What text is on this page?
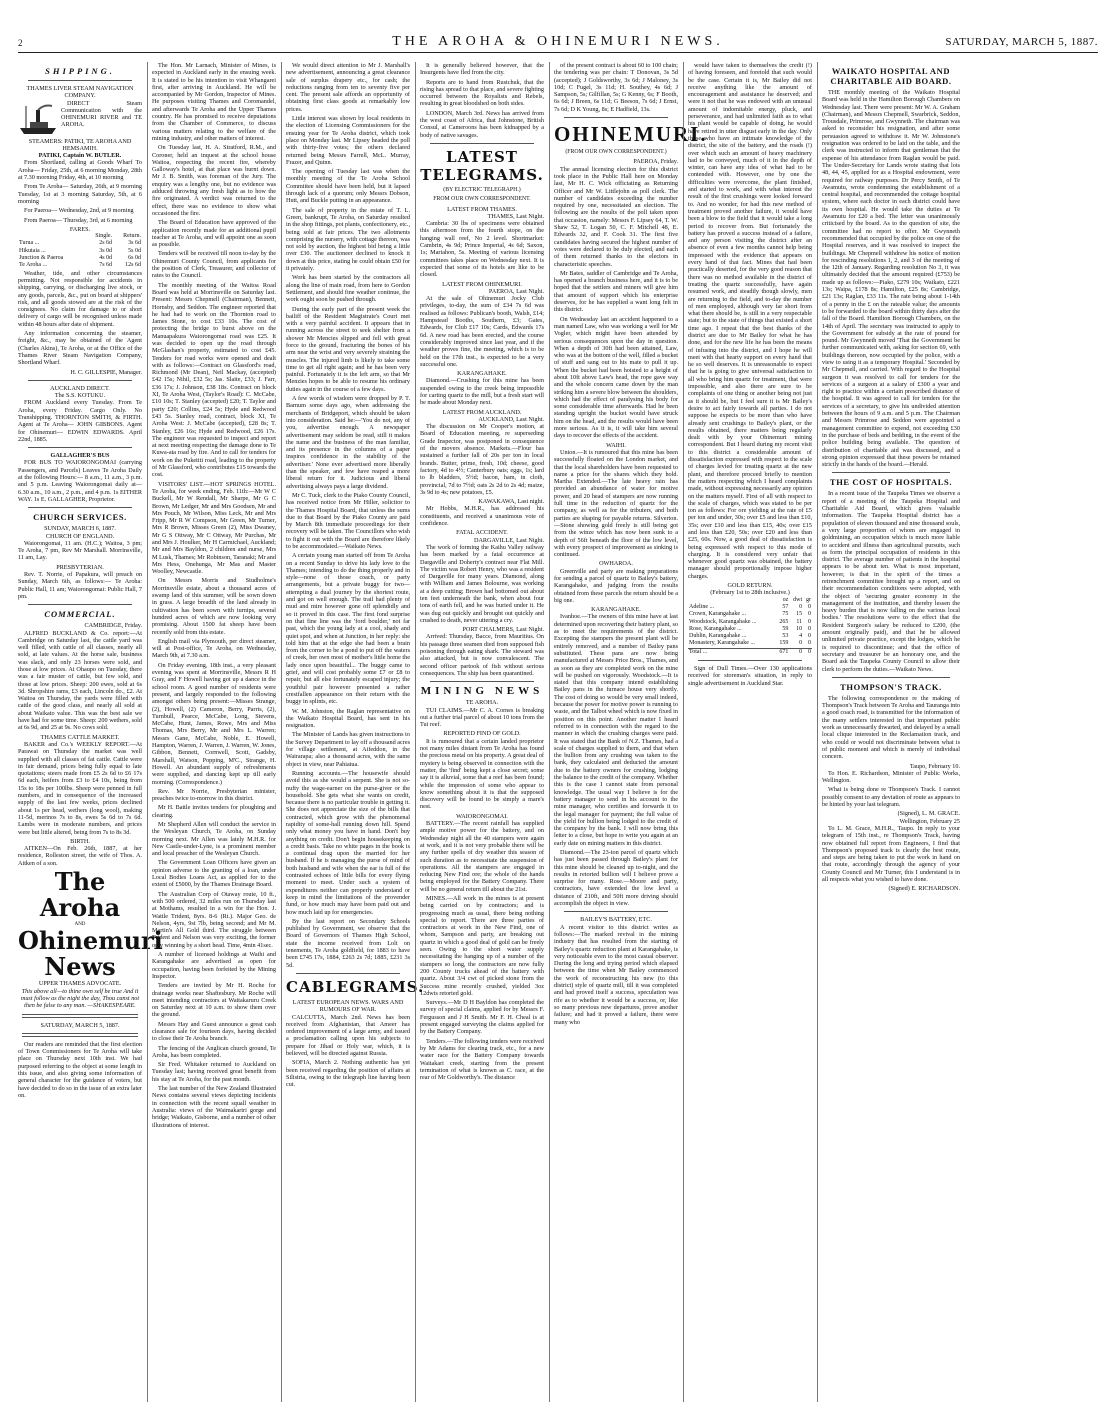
2	THE AROHA & OHINEMURI NEWS.	SATURDAY, MARCH 5, 1887.
SHIPPING.
THAMES LIVER STEAM NAVIGATION COMPANY.

DIRECT Steam Communication with the OHINEMURI RIVER and TE AROHA.

STEAMERS: PATIKI, TE AROHA AND HEMSAMIH.
PATIKI, Captain W. BUTLER.

From Shortland, calling at Goods Wharf To Aroha— Friday, 25th, at 6 morning Monday, 28th at 7.30 morning Friday, 4th, at 10 morning

From Te Aroha— Saturday, 26th, at 9 morning Tuesday, 1st at 3 morning Saturday, 5th, at 6 morning

For Paeroa— Wednesday, 2nd, at 9 morning

From Paeroa— Thursday, 3rd, at 6 morning

FARES.
	Single.	Return.
Turua ...	2s 6d	3s 6d
Hikutaia ...	3s 0d	5s 0d
Junction & Paeroa	4s 0d	6s 0d
Te Aroha ...	7s 6d	12s 6d

Weather, tide, and other circumstances permitting. Not responsible for accidents in shipping, carrying, or discharging live stock, or any goods, parcels, &c., put on board at shippers' risk, and all goods stowed are at the risk of the consignees. No claim for damage to or short delivery of cargo will be recognised unless made within 48 hours after date of shipment.

Any information concerning the steamer, freight, &c., may be obtained of the Agent (Charles Akins), Te Aroha, or at the Office of the Thames River Steam Navigation Company, Shortland Wharf.

H. C. GILLESPIE, Manager.
AUCKLAND DIRECT.
The S.S. KOTUKU.

FROM Auckland every Tuesday. From Te Aroha, every Friday. Cargo Only. No Transhipping. THORNTON SMITH, & FIRTH. Agent at Te Aroha— JOHN GIBBONS. Agent for Ohinemuri— EDWIN EDWARDS. April 22nd, 1885.

GALLAGHER'S BUS

FOR BUS TO WAIORONGOMAI (carrying Passengers, and Parcels) Leaves Te Aroha Daily at the following Hours:— 8 a.m., 11 a.m., 3 p.m. and 5 p.m. Leaving Waiorongomai daily at— 6.30 a.m., 10 a.m., 2 p.m., and 4 p.m. 1s EITHER WAY. 1s E. GALLAGHER, Proprietor.

CHURCH SERVICES.
SUNDAY, MARCH 6, 1887.
CHURCH OF ENGLAND.

Waiorongomai, 11 am. (H.C.); Waitoa, 3 pm; Te Aroha, 7 pm, Rev Mr Marshall. Morrinsville, 11 am, Lay.

PRESBYTERIAN.

Rev. T. Norrie, of Papakura, will preach on Sunday, March 6th, as follows:— Te Aroha: Public Hall, 11 am; Waiorongomai: Public Hall, 7 pm.

COMMERCIAL.
CAMBRIDGE, Friday.

ALFRED BUCKLAND & Co. report:—At Cambridge on Saturday last, the cattle yard was well filled, with cattle of all classes, nearly all sold, at late values. At the horse sale, business was slack, and only 23 horses were sold, and those at low prices. At Ohaupo on Tuesday, there was a fair muster of cattle, but few sold, and those at low prices. Sheep: 200 ewes, sold at 6s 3d. Shropshire rams, £3 each, Lincoln do., £2. At Waitoa on Thursday, the yards were filled with cattle of the good class, and nearly all sold at about Waikato value. This was the best sale we have had for some time. Sheep: 200 wethers, sold at 6s 9d, and 25 at 9s. No cows sold.

THAMES CATTLE MARKET.

BAKER and Co.'s WEEKLY REPORT.—At Parawai on Thursday the market was well supplied with all classes of fat cattle. Cattle were in fair demand, prices being fully equal to late quotations; steers made from £5 2s 6d to £6 17s 6d each, heifers from £3 to £4 10s, being from 15s to 18s per 100lbs. Sheep were penned in full numbers, and in consequence of the increased supply of the last few weeks, prices declined about 1s per head, wethers (long wool), making 11-5d, merinos 7s to 8s, ewes 5s 6d to 7s 6d. Lambs were in moderate numbers, and prices were but little altered, being from 7s to 8s 3d.

BIRTH.

AITKEN—On Feb. 26th, 1887, at her residence, Rolleston street, the wife of Thos. A. Aitken of a son.

The Aroha
AND
Ohinemuri News
UPPER THAMES ADVOCATE.
This above all—to thine own self be true And it must follow as the night the day, Thou canst not then be false to any man. —SHAKESPEARE.
SATURDAY, MARCH 5, 1887.

Our readers are reminded that the first election of Town Commissioners for Te Aroha will take place on Thursday next 10th inst. We had purposed referring to the object at some length in this issue, and also giving some information of general character for the guidance of voters, but have decided to do so in the issue of an extra later on.

The Hon. Mr Larnach, Minister of Mines, is expected in Auckland early in the ensuing week. It is stated to be his intention to visit Whangarei first, after arriving in Auckland. He will be accompanied by Mr Gordon, Inspector of Mines. He purposes visiting Thames and Coromandel, and afterwards Te Aroha and the Upper Thames country. He has promised to receive deputations from the Chamber of Commerce, to discuss various matters relating to the welfare of the mining industry, and other matters of interest.

On Tuesday last, H. A. Stratford, R.M., and Coroner, held an inquest at the school house Waitoa, respecting the recent fire, whereby Galloway's hotel, at that place was burnt down. Mr J. B. Smith, was foreman of the Jury. The enquiry was a lengthy one, but no evidence was adduced throwing any fresh light as to how the fire originated. A verdict was returned to the effect, there was no evidence to show what occasioned the fire.

The Board of Education have approved of the application recently made for an additional pupil teacher at Te Aroha, and will appoint one as soon as possible.

Tenders will be received till noon to-day by the Ohinemuri County Council, from applicants for the position of Clerk, Treasurer, and collector of rates to the Council.

The monthly meeting of the Waitoa Road Board was held at Morrinsville on Saturday last. Present: Messrs Chepmell (Chairman), Bennett, Hornsby, and Seddon. The engineer reported that he had had to work on the Thornton road to James Stone, to cost £33 10s. The cost of protecting the bridge to burst above on the Manuapakura Waiorongomai road was £25. It was decided to open up the road through McGlashan's property, estimated to cost £45. Tenders for road works were opened and dealt with as follows:—Contract on Glassford's road, Richmond (Mr Dean), Neil Mackay, (accepted) £42 15s; Nihil, £32 5s; Jas. Slaite, £33; J. Farr, £36 17s; J. Johnson, £38 18s. Contract on block XI, Te Aroha West, (Taylor's Road): C. McCabe, £10 10s; T. Stanley (accepted) £20; T. Taylor and party £20; Collins, £24 5s; Hyde and Redwood £43 5s. Stanley road, contract, block XI, Te Aroha West: J. McCabe (accepted), £28 8s; T. Stanley, £26 16s; Hyde and Redwood, £26 17s. The engineer was requested to inspect and report at next meeting respecting the damage done to Te Kuwa-ata road by fire. And to call for tenders for work on the Puketiti road, leading to the property of Mr Glassford, who contributes £15 towards the cost.

VISITORS' LIST.—HOT SPRINGS HOTEL. Te Aroha, for week ending, Feb. 11th:—Mr W C Buckell, Mr W Rendall, Mr Sharpe, Mr G C Brown, Mr Ledger, Mr and Mrs Goodsen, Mr and Mrs Pouch, Mr Wilson, Miss Leck, Mr and Mrs Fripp, Mr R W Compson, Mr Green, Mr Turner, Mrs R Brown, Misses Green (2), Miss Dwaney, Mr G S Ottway, Mr C Ottway, Mr Purchas, Mr and Mrs J. Houlker, Mr H Carmichael, Auckland; Mr and Mrs Bayldon, 2 children and nurse, Mrs M Lusk, Thames; Mr Robinson, Taranaki; Mr and Mrs Hess, Onehunga, Mr Mas and Master Woolley, Newcastle.

On Messrs Morris and Studholme's Morrinsville estate, about a thousand acres of swamp land of this summer, will be sown down in grass. A large breadth of the land already in cultivation has been sown with turnips, several hundred acres of which are now looking very promising. About 1500 fat sheep have been recently sold from this estate.

English mail via Plymouth, per direct steamer, will at Post-office, Te Aroha, on Wednesday, March 9th, at 7.30 a.m.

On Friday evening, 18th inst., a very pleasant evening was spent at Morrinsville, Messrs R H Gray, and F Howell having got up a dance in the school room. A good number of residents were present, and largely responded to the following amongst others being present:—Misses Strange, (2), Howell, (2) Cameron, Berry, Parris, (2), Turnbull, Pearce, McCabe, Long, Stevens, McCabe, Hunt, James, Rowe, Mrs and Miss Thomas, Mrs Berry, Mr and Mrs L. Warren; Messrs Gane, McCabe, Noble, E. Howell, Hampton, Warren, J. Warren, J. Warren, W. Jones, Gibbon, Bennett, Cornwell, Scott, Gadsby, Marshall, Watson, Popping, M'C., Strange, H. Howell. An abundant supply of refreshments were supplied, and dancing kept up till early morning. (Correspondence.)

Rev. Mr Norrie, Presbyterian minister, preaches twice to-morrow in this district.

Mr H. Battle invites tenders for ploughing and clearing.

Mr Shepherd Allen will conduct the service in the Wesleyan Church, Te Aroha, on Sunday morning next. Mr Allen was lately M.H.R. for New Castle-under-Lyne, is a prominent member and local preacher of the Wesleyan Church.

The Government Loan Officers have given an opinion adverse to the granting of a loan, under Local Bodies Loans Act, as applied for to the extent of £5000, by the Thames Drainage Board.

The Australian Corp of Otaway route, 10 ft., with 500 ordered, 32 miles run on Thursday last at Mothams, resulted in a win for the Hon. J. Wattle Trident, 8yrs. 8-6 (Rt.). Major Geo. de Nelson, 4yrs, 9st 7lb, being second; and Mr M. Martin's All Gold third. The struggle between Trident and Nelson was very exciting, the former only winning by a short head. Time, 4min 41sec.

A number of licensed holdings at Waihi and Karangahake are advertised as open for occupation, having been forfeited by the Mining Inspector.

Tenders are invited by Mr H. Roche for drainage works near Shaftesbury. Mr Roche will meet intending contractors at Waitakaruru Creek on Saturday next at 10 a.m. to show them over the ground.

Messrs Hay and Guest announce a great cash clearance sale for fourteen days, having decided to close their Te Aroha branch.

The fencing of the Anglican church ground, Te Aroha, has been completed.

Sir Fred. Whitaker returned to Auckland on Tuesday last; having received great benefit from his stay at Te Aroha, for the past month.

The last number of the New Zealand Illustrated News contains several views depicting incidents in connection with the recent squall weather in Australia: views of the Waimakariri gorge and bridge; Waikato, Gisborne, and a number of other illustrations of interest.

We would direct attention to Mr J. Marshall's new advertisement, announcing a great clearance sale of surplus drapery etc., for cash; the reductions ranging from ten to seventy five per cent. The present sale affords an opportunity of obtaining first class goods at remarkably low prices.

Little interest was shown by local residents in the election of Licensing Commissioners for the ensuing year for Te Aroha district, which took place on Monday last. Mr Lipsey headed the poll with thirty-five votes; the others declared returned being Messrs Farrell, McL. Murray, Frazer, and Quinn.

The opening of Tuesday last was when the monthly meeting of the Te Aroha School Committee should have been held, but it lapsed through lack of a quorum; only Messrs Dobson, Hutt, and Buckle putting in an appearance.

The sale of property in the estate of T. L. Green, bankrupt, Te Aroha, on Saturday resulted in the shop fittings, pot plants, confectionery, etc., being sold at fair prices. The two allotments comprising the nursery, with cottage thereon, was not sold by auction, the highest bid being a little over £30. The auctioneer declined to knock it down at this price, stating he could obtain £50 for it privately.

Work has been started by the contractors all along the line of main road, from here to Gordon Settlement, and should fine weather continue, the work ought soon be pushed through.

During the early part of the present week the bailiff of the Resident Magistrate's Court met with a very painful accident. It appears that in running across the street to seek shelter from a shower Mr Mencies slipped and fell with great force to the ground, fracturing the bones of his arm near the wrist and very severely straining the muscles. The injured limb is likely to take some time to get all right again; and he has been very painful. Fortunately it is the left arm, so that Mr Menzies hopes to be able to resume his ordinary duties again in the course of a few days.

A few words of wisdom were dropped by P. T. Barnum some days ago, when addressing the merchants of Bridgeport, which should be taken into consideration. Said he:—'You do not, any of you, advertise enough. A newspaper advertisement may seldom be read, still it makes the name and the business of the man familiar, and its presence in the columns of a paper inspires confidence in the stability of the advertiser.' None ever advertised more liberally than the speaker, and few have reaped a more liberal return for it. Judicious and liberal advertising always pays a large dividend.

Mr C. Tuck, clerk to the Piako County Council, has received notice from Mr Hiller, solicitor to the Thames Hospital Board, that unless the sums due to that Board by the Piako County are paid by March 8th immediate proceedings for their recovery will be taken. The Councillors who wish to fight it out with the Board are therefore likely to be accommodated.—Waikato News.

A certain young man started off from Te Aroha on a recent Sunday to drive his lady love to the Thames; intending to do the thing properly and in style—none of those coach, or party arrangements, but a private buggy for two—attempting a dual journey by the shortest route, and got on well enough. The trail had plenty of mud and mire however gone off splendidly and so it proved in this case. The first fond surprise on that fine line was the 'ford boulder,' not far past, which the young lady at a cool, shady and quiet spot, and when at Junction, in her reply: she told him that at the edge she had been a brain from the corner to be a pond to put off the waters of creek, her own most of mother's little home the lady once upon beautiful... The buggy came to grief, and will cost probably some £7 or £8 to repair, but all else fortunately escaped injury; the youthful pair however presented a rather crestfallen appearance on their return with the buggy in splints, etc.

W. M. Johnston, the Raglan representative on the Waikato Hospital Board, has sent in his resignation.

The Minister of Lands has given instructions to the Survey Department to lay off a thousand acres for village settlement, at Aifeddon, in the Wairarapa; also a thousand acres, with the same object in view, near Pahiatua.

Running accounts.—The housewife should avoid this as she would a serpent. She is not so-nufty the wage-earner on the purse-giver or the household. She gets what she wants on credit, because there is no particular trouble in getting it. She does not appreciate the size of the bills that contracted, which grow with the phenomenal rapidity of some-hall running down hill. Spend only what money you have in hand. Don't buy anything on credit. Don't begin housekeeping on a credit basis. Take no white pages in the book is a continual drag upon the married for her husband. If he is managing the purse of mind of both husband and wife when the ear is full of the contrasted echoes of little bills for every flying moment to meet. Under such a system of expenditures neither can properly understand or keep in mind the limitations of the provender fund, or how much may have been paid out and how much laid up for emergencies.

By the last report on Secondary Schools published by Government, we observe that the Board of Governors of Thames High School, state the income received from Lolt on tenements, Te Aroha goldfield, for 1883 to have been £745 17s, 1884, £263 2s 7d; 1885, £231 3s 5d.

CABLEGRAMS.
LATEST EUROPEAN NEWS. WARS AND RUMOURS OF WAR.

CALCUTTA, March 2nd. News has been received from Afghanistan, that Ameer has ordered improvement of a large army, and issued a proclamation calling upon his subjects to prepare for Jihad or Holy war, which, it is believed, will be directed against Russia.

SOFIA, March 2. Nothing authentic has yet been received regarding the position of affairs at Silistria, owing to the telegraph line having been cut.

It is generally believed however, that the Insurgents have fled from the city.

Reports are to hand from Rustchuk, that the rising has spread to that place, and severe fighting occurred between the Royalists and Rebels, resulting in great bloodshed on both sides.

LONDON, March 3rd. News has arrived from the west coast of Africa, that Johnstone, British Consul, at Cameroons has been kidnapped by a body of native savages.

LATEST TELEGRAMS.
(BY ELECTRIC TELEGRAPH.)
FROM OUR OWN CORRESPONDENT.
LATEST FROM THAMES.
THAMES, Last Night.

Cambria: 30 lbs of specimens were obtained this afternoon from the fourth stope, on the hanging wall reef, No 2 level. Shortmarket: Cambrin, 4s 9d; Prince Imperial, 4s 6d; Saxon, 1s; Mariahon, 5s. Meeting of various licensing committees takes place on Wednesday next. It is expected that some of its hotels are like to be closed.

LATEST FROM OHINEMURI.
PAEROA, Last Night.

At the sale of Ohinemuri Jocky Club privileges, to-day, the sum of £34 7s 6d was realised as follows: Publican's booth, Walsh, £14; Hampstead Booths, Southern, £3; Gates, Edwards, for Club £17 10s; Cards, Edwards 17s 6d. A new road has been erected, and the course considerably improved since last year, and if the weather proves fine, the meeting, which is to be held on the 17th inst., is expected to be a very successful one.

KARANGAHAKE.

Diamond.—Crushing for this mine has been suspended owing to the creek being impossible for carting quartz to the mill, but a fresh start will be made about Monday next.

LATEST FROM AUCKLAND.
AUCKLAND, Last Night.

The discussion on Mr Cooper's motion, at Board of Education meeting, re superseding Grade Inspector, was postponed in consequence of the movers absence. Markets.—Flour has sustained a further fall of 20s per ton in local brands. Butter, prime, fresh, 10d; cheese, good factory, 4d to 4½; Canterbury oats; eggs, 1s; lard to lb bladders, 5½d; bacon, ham, in cloth, provincial, 7d to 7½d; oats 2s 2d to 2s 4d; maize, 3s 9d to 4s; new potatoes, £5.

KAWAKAWA, Last night.

Mr Hobbs, M.H.R., has addressed his constituents, and received a unanimous vote of confidence.

FATAL ACCIDENT.
DARGAVILLE, Last Night.

The work of forming the Kaihu Valley railway has been marked by a fatal occurrence at Dargaville and Doherty's contract near Flat Mill. The victim was Robert Henry, who was a resident of Dargaville for many years. Diamond, along with William and James Bolourne, was working at a deep cutting; Brown had bottomed out about ten feet underneath the bank, when about four tons of earth fell, and he was buried under it. He was dug out quickly and brought out quickly and crushed to death, never uttering a cry.

PORT CHALMERS, Last Night.

Arrived: Thursday, Bacce, from Mauritius. On his passage three seamen died from supposed fish poisoning through eating shark. The steward was also attacked, but is now convalescent. The second officer partook of fish without serious consequences. The ship has been quarantined.

MINING NEWS
TE AROHA.

TUI CLAIMS.—Mr C. A. Cornes is breaking out a further trial parcel of about 10 tons from the Tui reef.

REPORTED FIND OF GOLD.

It is rumoured that a certain landed proprietor not many miles distant from Te Aroha has found the precious metal on his property. A great deal of mystery is being observed in connection with the matter, the 'find' being kept a close secret; some say it is alluvial, some that a reef has been found; while the impression of some who appear to know something about it is that the supposed discovery will be found to be simply a mare's nest.

WAIORONGOMAI.

BATTERY.—The recent rainfall has supplied ample motive power for the battery, and on Wednesday night all the 40 stampers were again at work, and it is not very probable there will be any further spells of dry weather this season of such duration as to necessitate the suspension of operations. All the stampers are engaged in reducing New Find ore; the whole of the hands being employed for the Battery Company. There will be no general return till about the 21st.

MINES.—All work in the mines is at present being carried on by contractors; and is progressing much as usual, there being nothing special to report. There are three parties of contractors at work in the New Find, one of whom, Sampson and party, are breaking out quartz in which a good deal of gold can be freely seen. Owing to the short water supply necessitating the hanging up of a number of the stampers so long, the contractors are now fully 200 County trucks ahead of the battery with quartz. About 3/4 cwt of picked stone from the Success mine recently crushed, yielded 3oz 12dwts retorted gold.

Surveys.—Mr D H Bayldon has completed the survey of special claims, applied for by Messrs F. Fergusson and J H Smith. Mr F. H. Cheal is at present engaged surveying the claims applied for by the Battery Company.

Tenders.—The following tenders were received by Mr Adams for clearing track, etc., for a new water race for the Battery Company towards Waitakari creek, starting from the present termination of what is known as C. race, at the rear of Mr Goldworthy's. The distance

of the present contract is about 60 to 100 chain; the tendering was per chain: T Donovan, 3s 5d (accepted); J Goldsworthy, 3s 6d; J Maloney, 3s 10d; C Fugel, 3s 11d; H. Southey, 4s 6d; J Sampson, 5s; Gilfillan, 5s; G Kenny, 6s; F Booth, 6s 6d; J Breen, 6s 11d; G Beeson, 7s 6d; J Ernst, 7s 6d; D K Young, 8s; E Hadfield, 13s.

OHINEMURI.
(FROM OUR OWN CORRESPONDENT.)
PAEROA, Friday.

The annual licensing election for this district took place in the Public Hall here on Monday last, Mr H. C. Wick officiating as Returning Officer and Mr W. Littlejohn as poll clerk. The number of candidates exceeding the number required by one, necessitated an election. The following are the results of the poll taken upon that occasion, namely: Messrs F. Lipsey 64, T. W. Shaw 52, T. Logan 50, C. F. Mitchell 48, E. Edwards 32, and F. Cook 31. The first five candidates having secured the highest number of votes were declared to be duly elected, and each of them returned thanks to the electors in characteristic speeches.

Mr Bates, saddler of Cambridge and Te Aroha, has opened a branch business here, and it is to be hoped that the settlers and miners will give him that amount of support which his enterprise deserves, for he has supplied a want long felt in this district.

On Wednesday last an accident happened to a man named Law, who was working a well for Mr Vogler, which might have been attended by serious consequences upon the day in question. When a depth of 30ft had been attained, Law, who was at the bottom of the well, filled a bucket of stuff and sang out to his mate to pull it up. When the bucket had been hoisted to a height of about 10ft above Law's head, the rope gave way and the whole concern came down by the man striking him a severe blow between the shoulders, which had the effect of paralysing his body for some considerable time afterwards. Had he been standing upright the bucket would have struck him on the head, and the results would have been more serious. As it is, it will take him several days to recover the effects of the accident.

WAIHI.

Union.—It is rumoured that this mine has been successfully floated on the London market, and that the local shareholders have been requested to name a price for the shares which they hold. Martha Extended.—The late heavy rain has provided an abundance of water for motive power, and 20 head of stampers are now running full time in the reduction of quartz for the company, as well as for the tributers, and both parties are shaping for payable returns. Silverton.—Stone showing gold freely is still being got from the winze which has now been sunk to a depth of 56ft beneath the floor of the low level, with every prospect of improvement as sinking is continued.

OWHAROA.

Greenville and party are making preparations for sending a parcel of quartz to Bailey's battery, Karangahake, and judging from the results obtained from these parcels the return should be a big one.

KARANGAHAKE.

Ivanhoe.—The owners of this mine have at last determined upon recovering their battery plant, so as to meet the requirements of the district. Excepting the stampers the present plant will be entirely removed, and a number of Bailey pans substituted. These pans are now being manufactured at Messrs Price Bros., Thames, and as soon as they are completed work on the mine will be pushed on vigorously. Woodstock.—It is stated that this company intend establishing Bailey pans in the furnace house very shortly. The cost of doing so would be very small indeed, because the power for motive power is running to waste, and the Talbot wheel which is now fixed in position on this point. Another matter I heard referred to in connection with the regard to the manner in which the crushing charges were paid. It was stated that the Bank of N.Z. Thames, had a scale of charges supplied to them, and that when the bullion from any crushing was taken to the bank, they calculated and deducted the amount due to the battery owners for crushing, lodging the balance to the credit of the company. Whether this is the case I cannot state from personal knowledge. The usual way I believe is for the battery manager to send in his account to the mine manager, who certifies and forwards it to the legal manager for payment; the full value of the yield for bullion being lodged to the credit of the company by the bank. I will now bring this letter to a close, but hope to write you again at an early date on mining matters in this district.

Diamond.—The 23-ton parcel of quartz which has just been passed through Bailey's plant for this mine should be cleaned up to-night, and the results in retorted bullion will I believe prove a surprise for many. Rose.—Moore and party, contractors, have extended the low level a distance of 210ft, and 50ft more driving should accomplish the object in view.

BAILEY'S BATTERY, ETC.

A recent visitor to this district writes as follows:—The marked revival in the mining industry that has resulted from the starting of Bailey's quartz reduction plant at Karangahake, is very noticeable even to the most casual observer. During the long and trying period which elapsed between the time when Mr Bailey commenced the work of reconstructing his new (to this district) style of quartz mill, till it was completed and had proved itself a success, speculation was rife as to whether it would be a success, or, like so many previous new departures, prove another failure; and had it proved a failure, there were many who

would have taken to themselves the credit (!) of having foreseen, and foretold that such would be the case. Certain it is, Mr Bailey did not receive anything like the amount of encouragement and assistance he deserved; and were it not that he was endowed with an unusual amount of indomitable energy, pluck, and perseverance, and had unlimited faith as to what his plant would be capable of doing, he would have retired in utter disgust early in the day. Only those who have an intimate knowledge of the district, the site of the battery, and the roads (!) over which such an amount of heavy machinery had to be conveyed, much of it in the depth of winter, can have any idea of what had to be contended with. However, one by one the difficulties were overcome, the plant finished, and started to work, and with what interest the result of the first crushings were looked forward to. And no wonder, for had this new method of treatment proved another failure, it would have been a blow to the field that it would take a long period to recover from. But fortunately the battery has proved a success instead of a failure, and any person visiting the district after an absence of even a few months cannot help being impressed with the evidence that appears on every hand of that fact. Mines that had been practically deserted, for the very good reason that there was no method available in the district of treating the quartz successfully, have again resumed work, and steadily though slowly, men are returning to the field, and to-day the number of men employed, although very far short from what there should be, is still in a very respectable state; but to the state of things that existed a short time ago. I repeat that the best thanks of the district are due to Mr Bailey for what he has done, and for the new life he has been the means of infusing into the district, and I hope he will meet with that hearty support on every hand that he so well deserves. It is unreasonable to expect that he is going to give universal satisfaction to all who bring him quartz for treatment, that were impossible, and also there are sure to be complaints of one thing or another being not just as it should be, but I feel sure it is Mr Bailey's desire to act fairly towards all parties. I do not suppose he expects to be more than who have already sent crushings to Bailey's plant, or the results obtained, there matters being regularly dealt with by your Ohinemuri mining correspondent. But I heard during my recent visit to this district a considerable amount of dissatisfaction expressed with respect to the scale of charges levied for treating quartz at the new plant, and therefore proceed briefly to mention the matters respecting which I heard complaints made, without expressing necessarily any opinion on the matters myself. First of all with respect to the scale of charges, which was stated to be per ton as follows: For ore yielding at the rate of £5 per ton and under, 30s; over £5 and less than £10, 35s; over £10 and less than £15, 40s; over £15 and less than £20, 50s; over £20 and less than £25, 60s. Now, a good deal of dissatisfaction is being expressed with respect to this mode of charging. It is considered very unfair that whenever good quartz was obtained, the battery manager should proportionally impose higher charges.

GOLD RETURN.
(February 1st to 28th inclusive.)
	oz	dwt	gr
Adeline ...	57	0	0
Crown, Karangahake ...	75	15	0
Woodstock, Karangahake ...	265	11	0
Rose, Karangahake ...	59	10	0
Dublin, Karangahake ...	53	4	0
Monastery, Karangahake ...	159	0	0
Total ...	671	0	0

Sign of Dull Times.—Over 130 applications received for storeman's situation, in reply to single advertisement in Auckland Star.

WAIKATO HOSPITAL AND CHARITABLE AID BOARD.

THE monthly meeting of the Waikato Hospital Board was held in the Hamilton Borough Chambers on Wednesday last. There were present: Mr W. A. Graham (Chairman), and Messrs Chepmell, Swarbrick, Seddon, Trousdale, Primrose, and Gwynneth. The chairman was asked to reconsider his resignation, and after some persuasion agreed to withdraw it. Mr W. Johnstone's resignation was ordered to be laid on the table, and the clerk was instructed to inform that gentleman that the expense of his attendance from Raglan would be paid. The Under-Secretary for Lands wrote stating that lots 48, 44, 45, applied for as a Hospital endowment, were required for railway purposes. Dr Percy Smith, of Te Awamutu, wrote condemning the establishment of a central hospital, and recommended the cottage hospital system, where each doctor in each district could have its own hospital. He would take the duties at Te Awamutu for £20 a bed. The letter was unanimously criticised by the board. As to the question of site, the committee had no report to offer. Mr Gwynneth recommended that occupied by the police on one of the Hospital reserves, and it was resolved to inspect the buildings. Mr Chepmell withdrew his notice of motion for rescinding resolutions 1, 2, and 3 of the meeting of the 12th of January. Regarding resolution No 3, it was ultimately decided that the amount required (£753) be made up as follows:—Piako, £279 10s; Waikato, £221 13s; Waipa, £178 8s; Hamilton, £25 8s; Cambridge, £21 13s; Raglan, £33 11s. The rate being about 1-14th of a penny in the £ on the rateable value; the amounts to be forwarded to the board within thirty days after the fall of the Board. Hamilton Borough Chambers, on the 14th of April. The secretary was instructed to apply to the Government for subsidy at the rate of pound for pound. Mr Gwynneth moved 'That the Government be further communicated with, asking for section 69, with buildings thereon, now occupied by the police, with a view to using it as a temporary Hospital.' Seconded by Mr Chepmell, and carried. With regard to the Hospital surgeon it was resolved to call for tenders for the services of a surgeon at a salary of £300 a year and right to practice within a certain prescribed distance of the hospital. It was agreed to call for tenders for the services of a secretary, to give his undivided attention between the hours of 9 a.m. and 5 p.m. The Chairman and Messrs Primrose and Seddon were appointed a management committee to expend, not exceeding £30 in the purchase of beds and bedding, in the event of the police building being available. The question of distribution of charitable aid was discussed, and a strong opinion expressed that these powers be retained strictly in the hands of the board.—Herald.

THE COST OF HOSPITALS.

In a recent issue of the Taupeka Times we observe a report of a meeting of the Taupeka Hospital and Charitable Aid Board, which gives valuable information. The Taupeka Hospital district has a population of eleven thousand and nine thousand souls, a very large proportion of whom are engaged in goldmining, an occupation which is much more liable to accident and illness than agricultural pursuits, such as form the principal occupation of residents in this district. The average number of patients in the hospital appears to be about ten. What is most important, however, is that in the spirit of the times a retrenchment committee brought up a report, and on their recommendation conditions were adopted, with the object of 'securing greater economy in the management of the institution, and thereby lessen the heavy burden that is now falling on the various local bodies.' The resolutions were to the effect that the Resident Surgeon's salary be reduced to £200, (the amount originally paid), and that he be allowed unlimited private practice, except the lodges, which he is required to discontinue; and that the office of secretary and treasurer be an honorary one, and the Board ask the Taupeka County Council to allow their clerk to perform the duties.—Waikato News.

THOMPSON'S TRACK.

The following correspondence re the making of Thompson's Track between Te Aroha and Tauranga into a good coach road, is transmitted for the information of the many settlers interested in that important public work as unnecessarily thwarted, and delayed by a small local clique interested in the Reclamation track, and who could or would not discriminate between what is of public moment and which is merely of individual concern.

Taupo, February 10.

To Hon. E. Richardson, Minister of Public Works, Wellington.

What is being done re Thompson's Track. I cannot possibly consent to any deviation of route as appears to be hinted by your last telegram.

(Signed), L. M. GRACE.
Wellington, February 25

To L. M. Grace, M.H.R., Taupo. In reply to your telegram of 15th inst., re Thompson's Track, having now obtained full report from Engineers, I find that Thompson's proposed track is clearly the best route, and steps are being taken to put the work in hand on that route, accordingly through the agency of your County Council and Mr Turner, this I understand is in all respects what you wished to have done.

(Signed) E. RICHARDSON.
